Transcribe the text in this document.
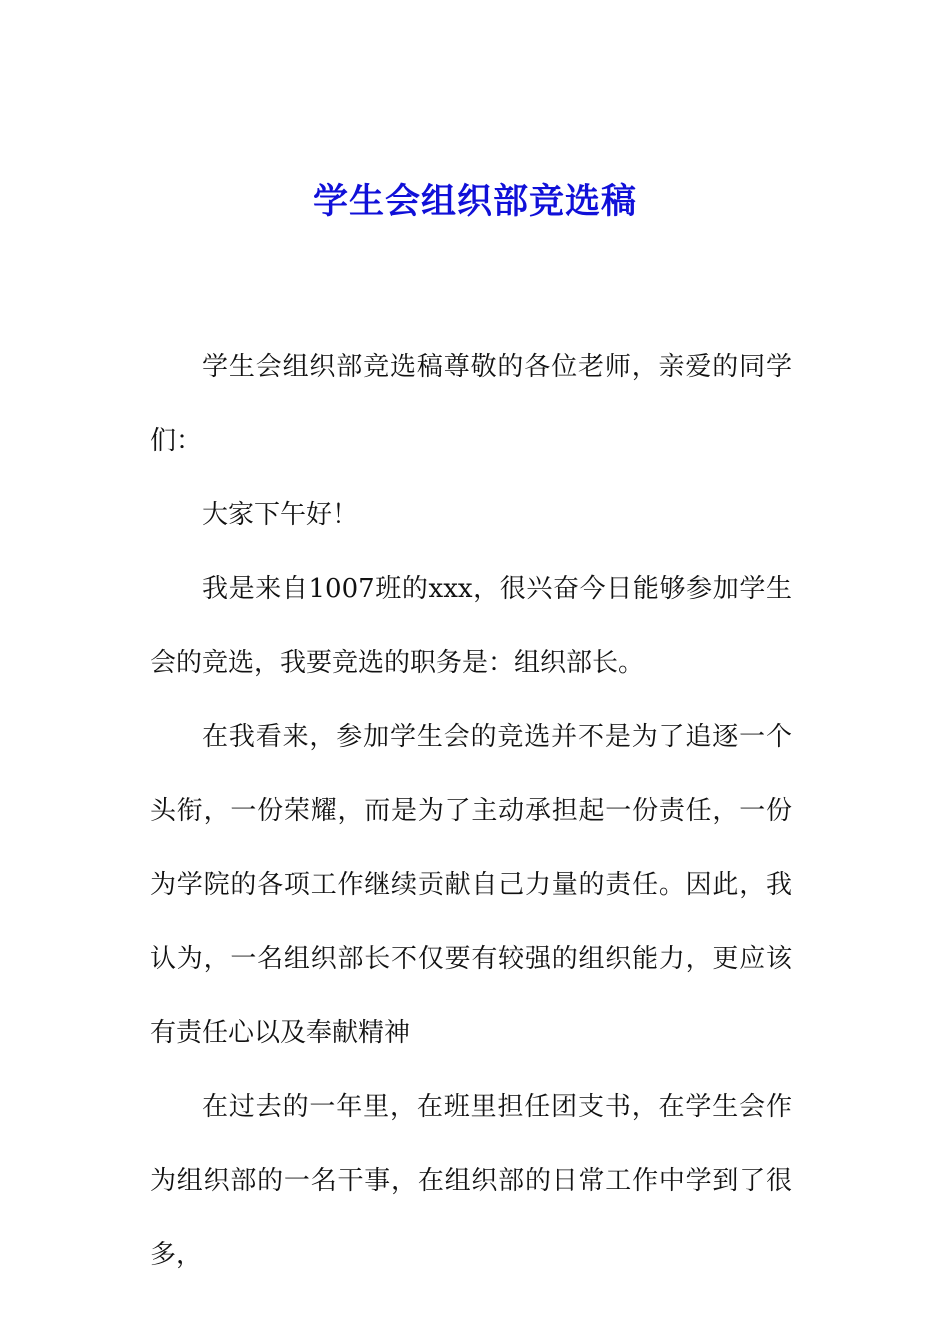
学生会组织部竞选稿

学生会组织部竞选稿尊敬的各位老师，亲爱的同学们：

大家下午好！

我是来自1007班的xxx，很兴奋今日能够参加学生会的竞选，我要竞选的职务是：组织部长。

在我看来，参加学生会的竞选并不是为了追逐一个头衔，一份荣耀，而是为了主动承担起一份责任，一份为学院的各项工作继续贡献自己力量的责任。因此，我认为，一名组织部长不仅要有较强的组织能力，更应该有责任心以及奉献精神

在过去的一年里，在班里担任团支书，在学生会作为组织部的一名干事，在组织部的日常工作中学到了很多，
